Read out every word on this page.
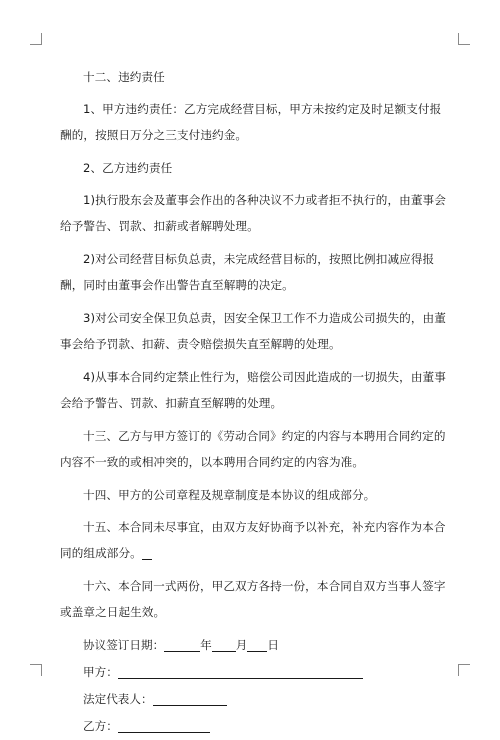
十二、违约责任

1、甲方违约责任：乙方完成经营目标，甲方未按约定及时足额支付报酬的，按照日万分之三支付违约金。

2、乙方违约责任

1)执行股东会及董事会作出的各种决议不力或者拒不执行的，由董事会给予警告、罚款、扣薪或者解聘处理。

2)对公司经营目标负总责，未完成经营目标的，按照比例扣减应得报酬，同时由董事会作出警告直至解聘的决定。

3)对公司安全保卫负总责，因安全保卫工作不力造成公司损失的，由董事会给予罚款、扣薪、责令赔偿损失直至解聘的处理。

4)从事本合同约定禁止性行为，赔偿公司因此造成的一切损失，由董事会给予警告、罚款、扣薪直至解聘的处理。

十三、乙方与甲方签订的《劳动合同》约定的内容与本聘用合同约定的内容不一致的或相冲突的，以本聘用合同约定的内容为准。

十四、甲方的公司章程及规章制度是本协议的组成部分。

十五、本合同未尽事宜，由双方友好协商予以补充，补充内容作为本合同的组成部分。

十六、本合同一式两份，甲乙双方各持一份，本合同自双方当事人签字或盖章之日起生效。

协议签订日期：	年 月 日

甲方：

法定代表人：

乙方：
